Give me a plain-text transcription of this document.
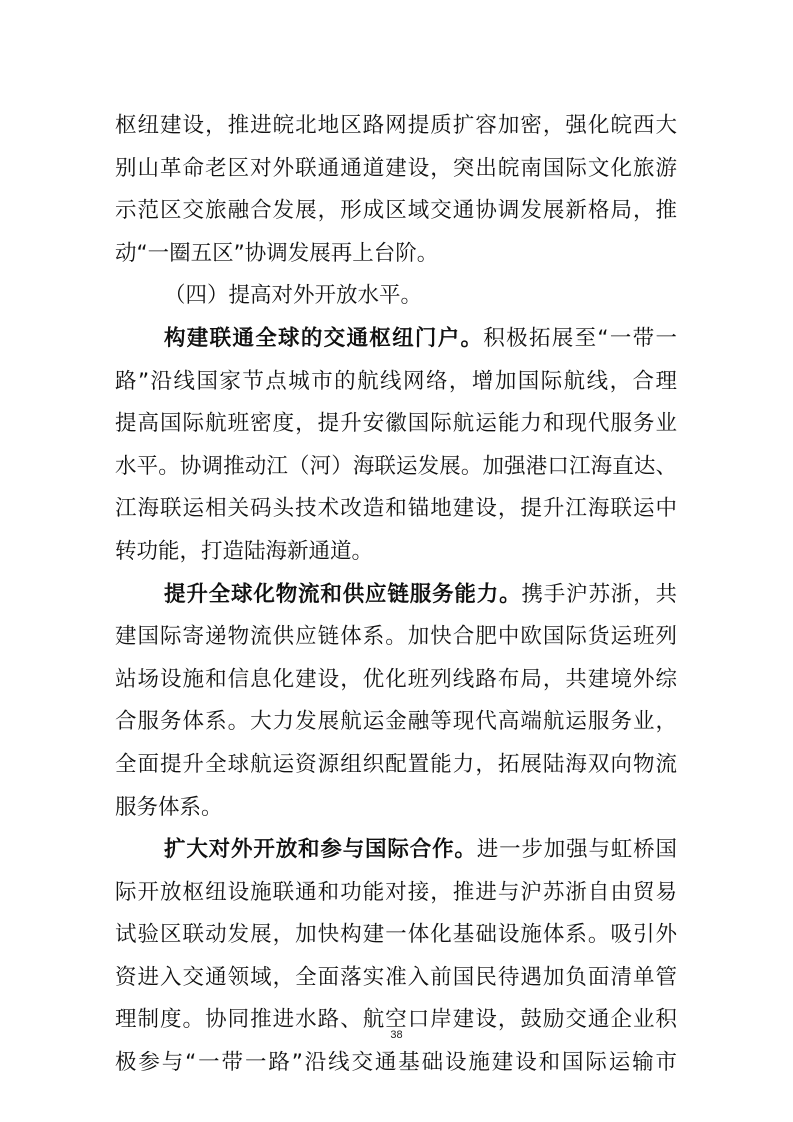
枢纽建设，推进皖北地区路网提质扩容加密，强化皖西大
别山革命老区对外联通通道建设，突出皖南国际文化旅游
示范区交旅融合发展，形成区域交通协调发展新格局，推
动“一圈五区”协调发展再上台阶。
（四）提高对外开放水平。
构建联通全球的交通枢纽门户。积极拓展至“一带一
路”沿线国家节点城市的航线网络，增加国际航线，合理
提高国际航班密度，提升安徽国际航运能力和现代服务业
水平。协调推动江（河）海联运发展。加强港口江海直达、
江海联运相关码头技术改造和锚地建设，提升江海联运中
转功能，打造陆海新通道。
提升全球化物流和供应链服务能力。携手沪苏浙，共
建国际寄递物流供应链体系。加快合肥中欧国际货运班列
站场设施和信息化建设，优化班列线路布局，共建境外综
合服务体系。大力发展航运金融等现代高端航运服务业，
全面提升全球航运资源组织配置能力，拓展陆海双向物流
服务体系。
扩大对外开放和参与国际合作。进一步加强与虹桥国
际开放枢纽设施联通和功能对接，推进与沪苏浙自由贸易
试验区联动发展，加快构建一体化基础设施体系。吸引外
资进入交通领域，全面落实准入前国民待遇加负面清单管
理制度。协同推进水路、航空口岸建设，鼓励交通企业积
极参与“一带一路”沿线交通基础设施建设和国际运输市
38
